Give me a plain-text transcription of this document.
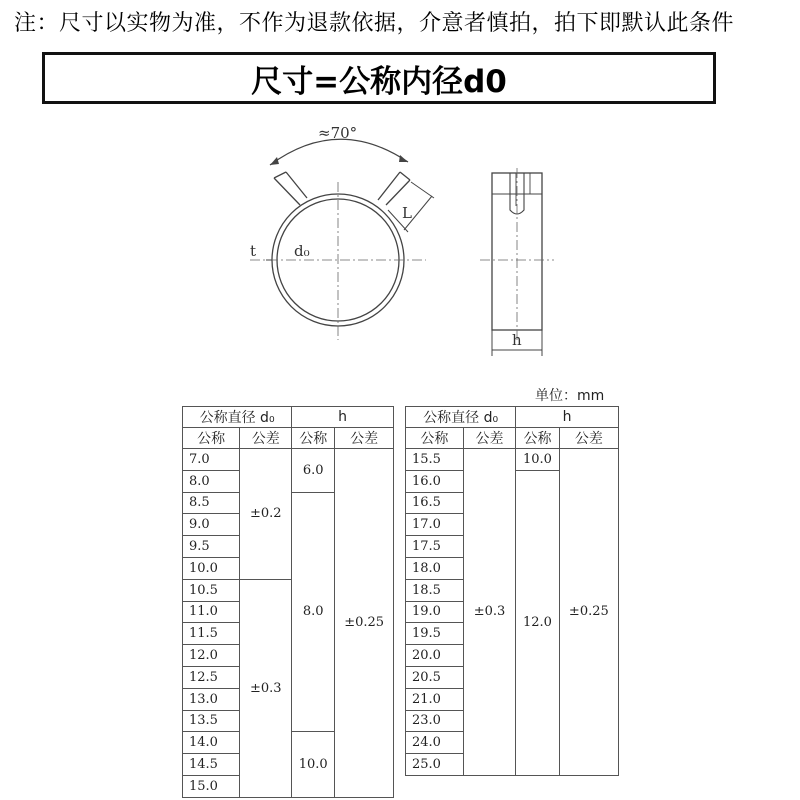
注：尺寸以实物为准，不作为退款依据，介意者慎拍，拍下即默认此条件
尺寸=公称内径d0
≈70°
t	d₀
L
h
单位：mm
公称直径 d₀		h	
公称	公差	公称	公差
7.0	±0.2	6.0	±0.25
8.0			
8.5		8.0	
9.0			
9.5			
10.0			
10.5	±0.3		
11.0			
11.5			
12.0			
12.5			
13.0			
13.5			
14.0		10.0	
14.5			
15.0			
公称直径 d₀		h	
公称	公差	公称	公差
15.5	±0.3	10.0	±0.25
16.0		12.0	
16.5			
17.0			
17.5			
18.0			
18.5			
19.0			
19.5			
20.0			
20.5			
21.0			
23.0			
24.0			
25.0			
